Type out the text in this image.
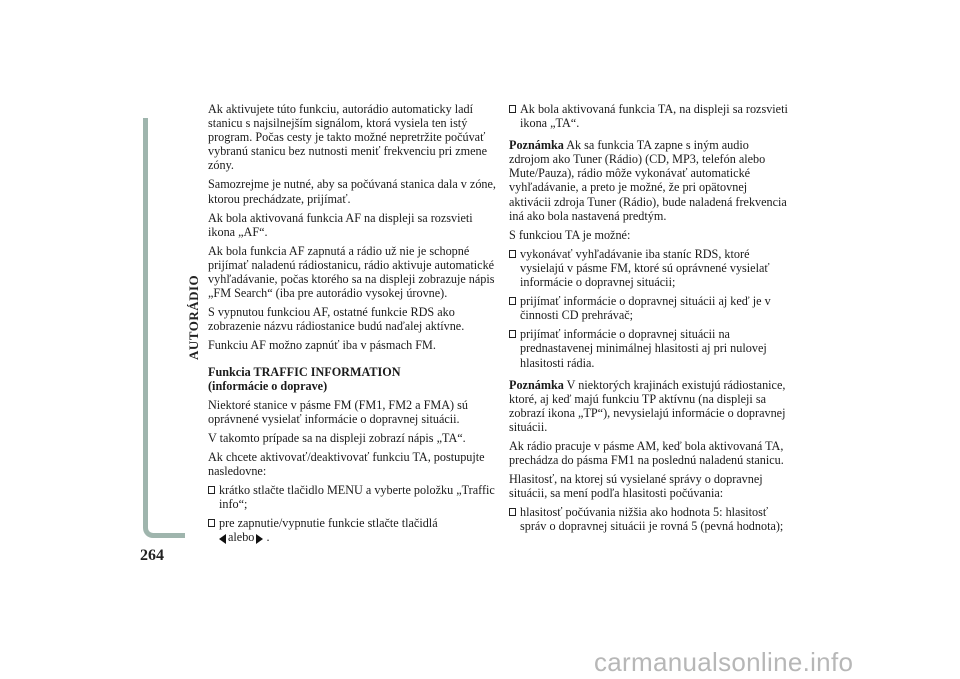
AUTORÁDIO
264

Ak aktivujete túto funkciu, autorádio automaticky ladí stanicu s najsilnejším signálom, ktorá vysiela ten istý program. Počas cesty je takto možné nepretržite počúvať vybranú stanicu bez nutnosti meniť frekvenciu pri zmene zóny.

Samozrejme je nutné, aby sa počúvaná stanica dala v zóne, ktorou prechádzate, prijímať.

Ak bola aktivovaná funkcia AF na displeji sa rozsvieti ikona „AF“.

Ak bola funkcia AF zapnutá a rádio už nie je schopné prijímať naladenú rádiostanicu, rádio aktivuje automatické vyhľadávanie, počas ktorého sa na displeji zobrazuje nápis „FM Search“ (iba pre autorádio vysokej úrovne).

S vypnutou funkciou AF, ostatné funkcie RDS ako zobrazenie názvu rádiostanice budú naďalej aktívne.

Funkciu AF možno zapnúť iba v pásmach FM.

Funkcia TRAFFIC INFORMATION
(informácie o doprave)

Niektoré stanice v pásme FM (FM1, FM2 a FMA) sú oprávnené vysielať informácie o dopravnej situácii.

V takomto prípade sa na displeji zobrazí nápis „TA“.

Ak chcete aktivovať/deaktivovať funkciu TA, postupujte nasledovne:

krátko stlačte tlačidlo MENU a vyberte položku „Traffic info“;
pre zapnutie/vypnutie funkcie stlačte tlačidlá
alebo .
Ak bola aktivovaná funkcia TA, na displeji sa rozsvieti ikona „TA“.

Poznámka Ak sa funkcia TA zapne s iným audio zdrojom ako Tuner (Rádio) (CD, MP3, telefón alebo Mute/Pauza), rádio môže vykonávať automatické vyhľadávanie, a preto je možné, že pri opätovnej aktivácii zdroja Tuner (Rádio), bude naladená frekvencia iná ako bola nastavená predtým.

S funkciou TA je možné:

vykonávať vyhľadávanie iba staníc RDS, ktoré vysielajú v pásme FM, ktoré sú oprávnené vysielať informácie o dopravnej situácii;
prijímať informácie o dopravnej situácii aj keď je v činnosti CD prehrávač;
prijímať informácie o dopravnej situácii na prednastavenej minimálnej hlasitosti aj pri nulovej hlasitosti rádia.

Poznámka V niektorých krajinách existujú rádiostanice, ktoré, aj keď majú funkciu TP aktívnu (na displeji sa zobrazí ikona „TP“), nevysielajú informácie o dopravnej situácii.

Ak rádio pracuje v pásme AM, keď bola aktivovaná TA, prechádza do pásma FM1 na poslednú naladenú stanicu.

Hlasitosť, na ktorej sú vysielané správy o dopravnej situácii, sa mení podľa hlasitosti počúvania:

hlasitosť počúvania nižšia ako hodnota 5: hlasitosť správ o dopravnej situácii je rovná 5 (pevná hodnota);
carmanualsonline.info
